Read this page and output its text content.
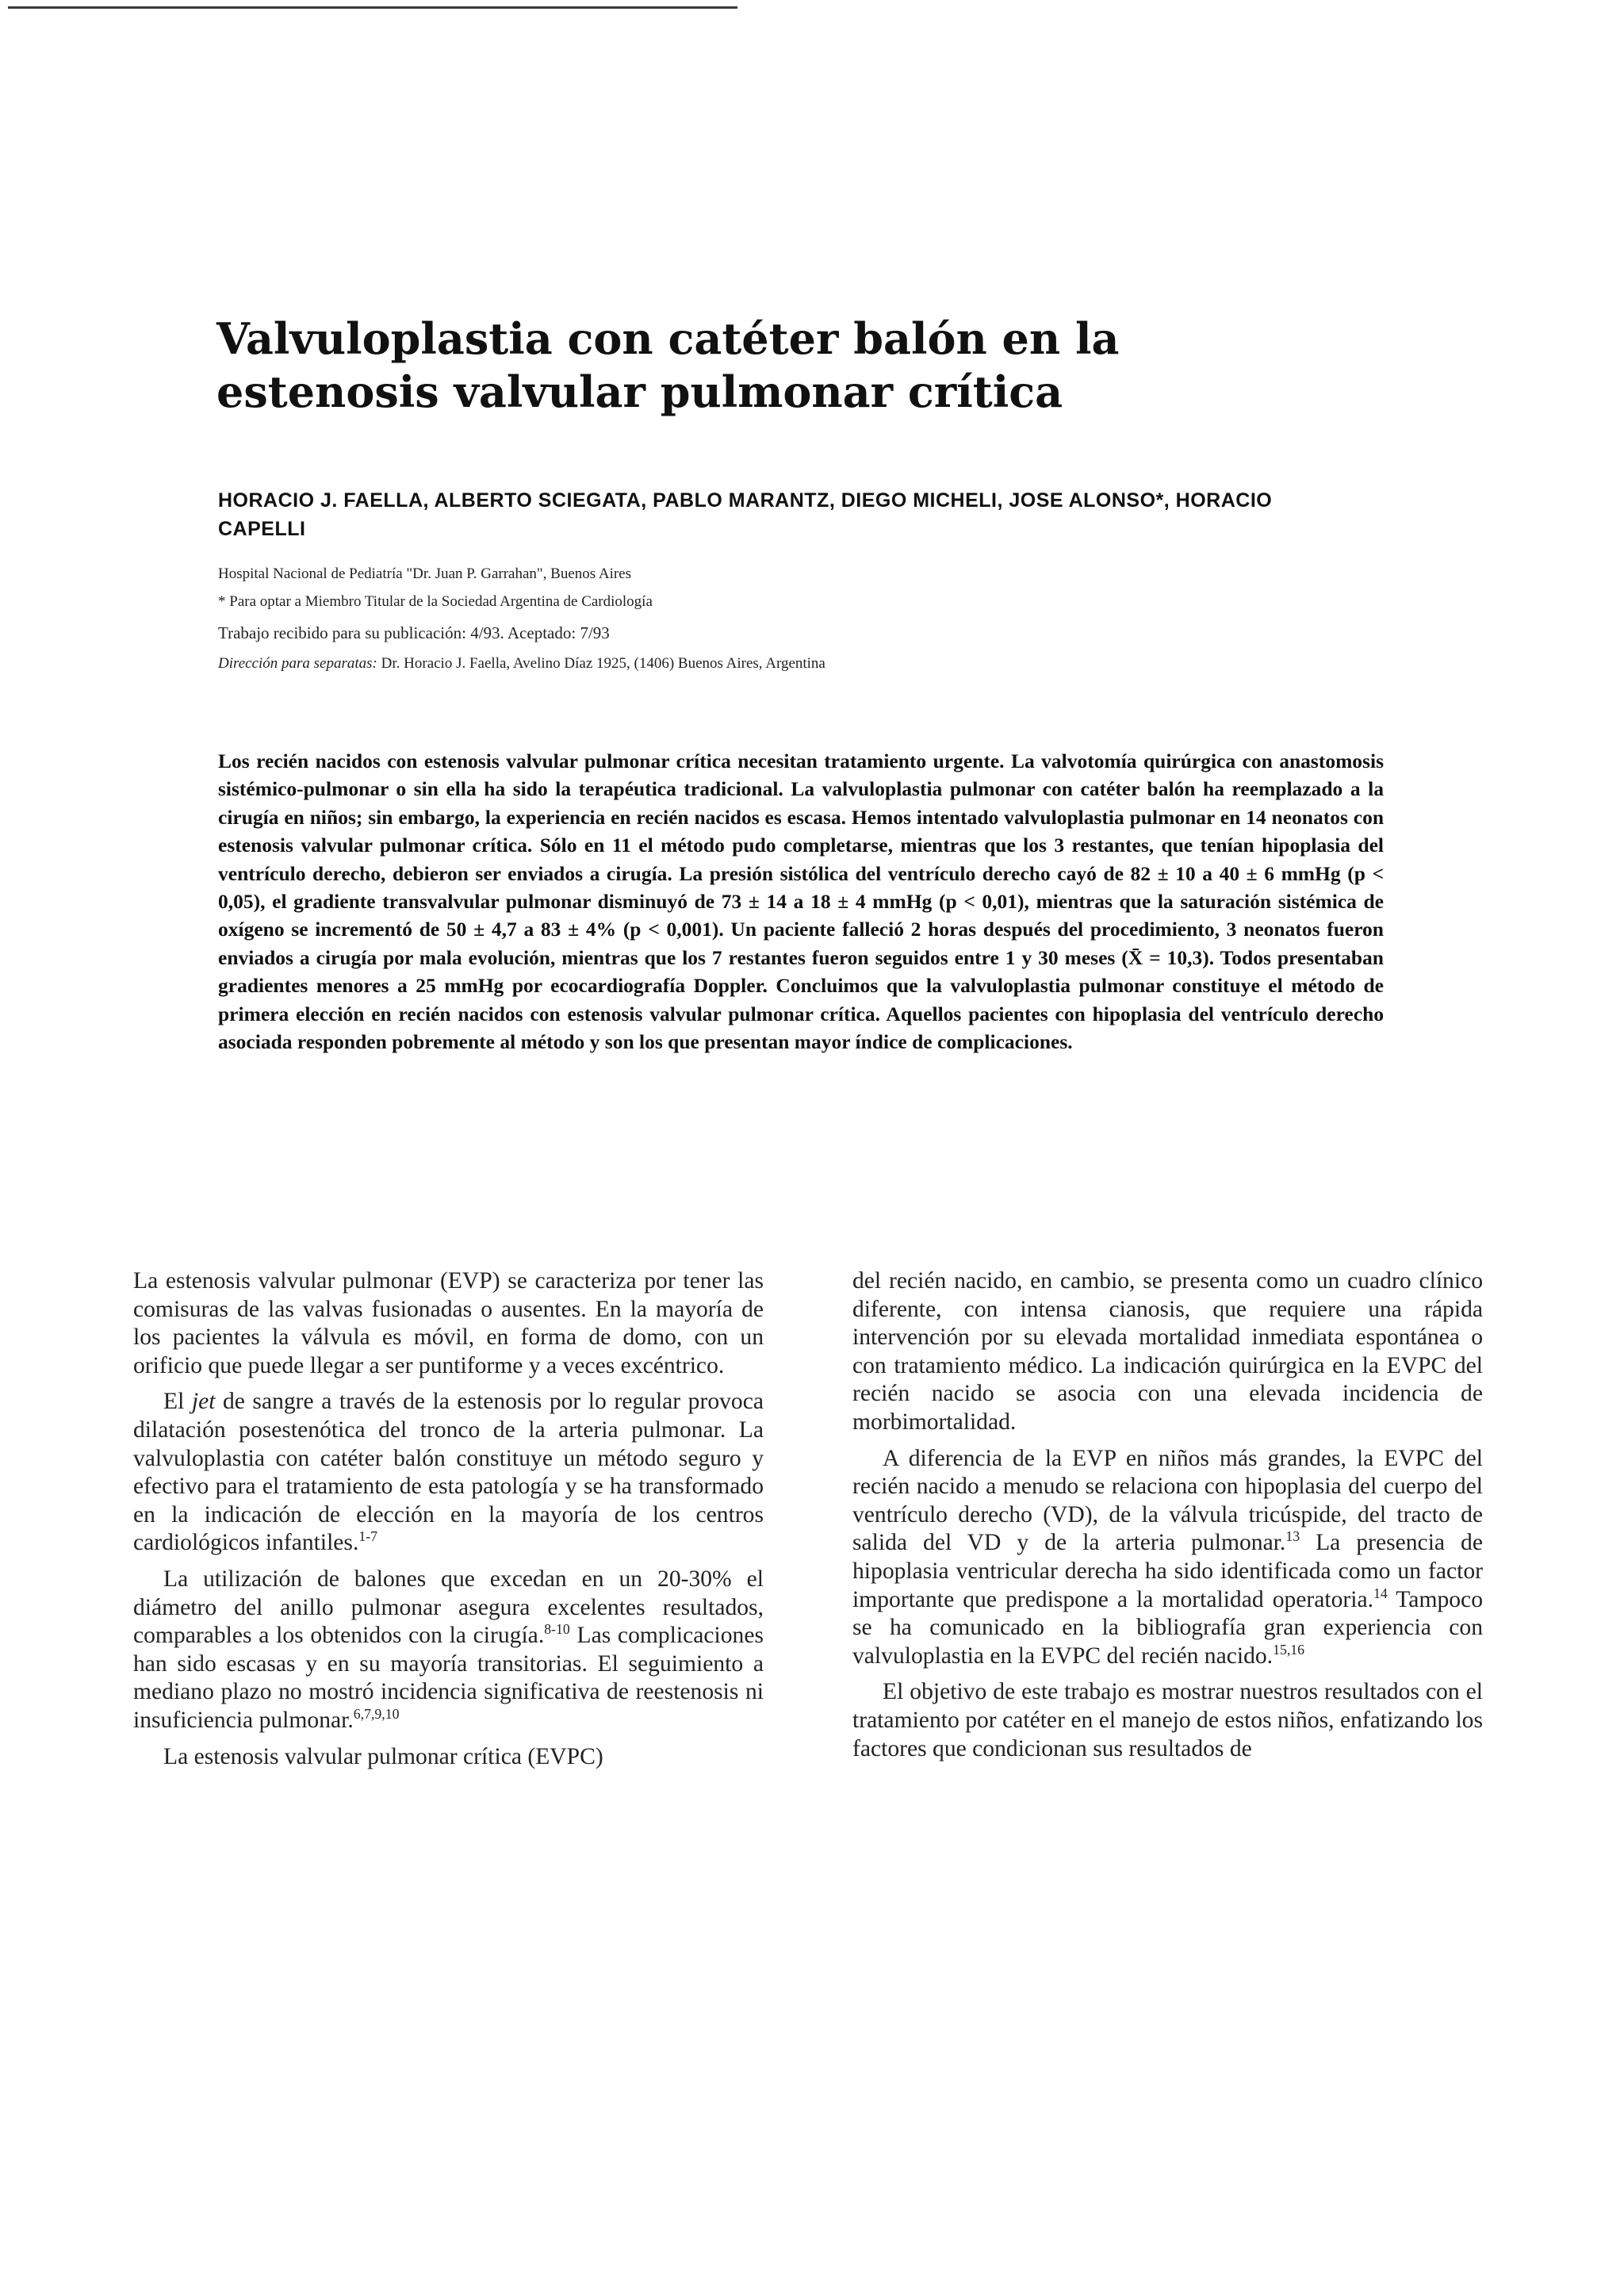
Valvuloplastia con catéter balón en la estenosis valvular pulmonar crítica

HORACIO J. FAELLA, ALBERTO SCIEGATA, PABLO MARANTZ, DIEGO MICHELI, JOSE ALONSO*, HORACIO CAPELLI

Hospital Nacional de Pediatría "Dr. Juan P. Garrahan", Buenos Aires

* Para optar a Miembro Titular de la Sociedad Argentina de Cardiología

Trabajo recibido para su publicación: 4/93. Aceptado: 7/93

Dirección para separatas: Dr. Horacio J. Faella, Avelino Díaz 1925, (1406) Buenos Aires, Argentina

Los recién nacidos con estenosis valvular pulmonar crítica necesitan tratamiento urgente. La valvotomía quirúrgica con anastomosis sistémico-pulmonar o sin ella ha sido la terapéutica tradicional. La valvuloplastia pulmonar con catéter balón ha reemplazado a la cirugía en niños; sin embargo, la experiencia en recién nacidos es escasa. Hemos intentado valvuloplastia pulmonar en 14 neonatos con estenosis valvular pulmonar crítica. Sólo en 11 el método pudo completarse, mientras que los 3 restantes, que tenían hipoplasia del ventrículo derecho, debieron ser enviados a cirugía. La presión sistólica del ventrículo derecho cayó de 82 ± 10 a 40 ± 6 mmHg (p < 0,05), el gradiente transvalvular pulmonar disminuyó de 73 ± 14 a 18 ± 4 mmHg (p < 0,01), mientras que la saturación sistémica de oxígeno se incrementó de 50 ± 4,7 a 83 ± 4% (p < 0,001). Un paciente falleció 2 horas después del procedimiento, 3 neonatos fueron enviados a cirugía por mala evolución, mientras que los 7 restantes fueron seguidos entre 1 y 30 meses (X̄ = 10,3). Todos presentaban gradientes menores a 25 mmHg por ecocardiografía Doppler. Concluimos que la valvuloplastia pulmonar constituye el método de primera elección en recién nacidos con estenosis valvular pulmonar crítica. Aquellos pacientes con hipoplasia del ventrículo derecho asociada responden pobremente al método y son los que presentan mayor índice de complicaciones.

La estenosis valvular pulmonar (EVP) se caracteriza por tener las comisuras de las valvas fusionadas o ausentes. En la mayoría de los pacientes la válvula es móvil, en forma de domo, con un orificio que puede llegar a ser puntiforme y a veces excéntrico.

El jet de sangre a través de la estenosis por lo regular provoca dilatación posestenótica del tronco de la arteria pulmonar. La valvuloplastia con catéter balón constituye un método seguro y efectivo para el tratamiento de esta patología y se ha transformado en la indicación de elección en la mayoría de los centros cardiológicos infantiles.$^{1-7}$

La utilización de balones que excedan en un 20-30% el diámetro del anillo pulmonar asegura excelentes resultados, comparables a los obtenidos con la cirugía.$^{8-10}$ Las complicaciones han sido escasas y en su mayoría transitorias. El seguimiento a mediano plazo no mostró incidencia significativa de reestenosis ni insuficiencia pulmonar.$^{6,7,9,10}$

La estenosis valvular pulmonar crítica (EVPC)

del recién nacido, en cambio, se presenta como un cuadro clínico diferente, con intensa cianosis, que requiere una rápida intervención por su elevada mortalidad inmediata espontánea o con tratamiento médico. La indicación quirúrgica en la EVPC del recién nacido se asocia con una elevada incidencia de morbimortalidad.

A diferencia de la EVP en niños más grandes, la EVPC del recién nacido a menudo se relaciona con hipoplasia del cuerpo del ventrículo derecho (VD), de la válvula tricúspide, del tracto de salida del VD y de la arteria pulmonar.$^{13}$ La presencia de hipoplasia ventricular derecha ha sido identificada como un factor importante que predispone a la mortalidad operatoria.$^{14}$ Tampoco se ha comunicado en la bibliografía gran experiencia con valvuloplastia en la EVPC del recién nacido.$^{15,16}$

El objetivo de este trabajo es mostrar nuestros resultados con el tratamiento por catéter en el manejo de estos niños, enfatizando los factores que condicionan sus resultados de
